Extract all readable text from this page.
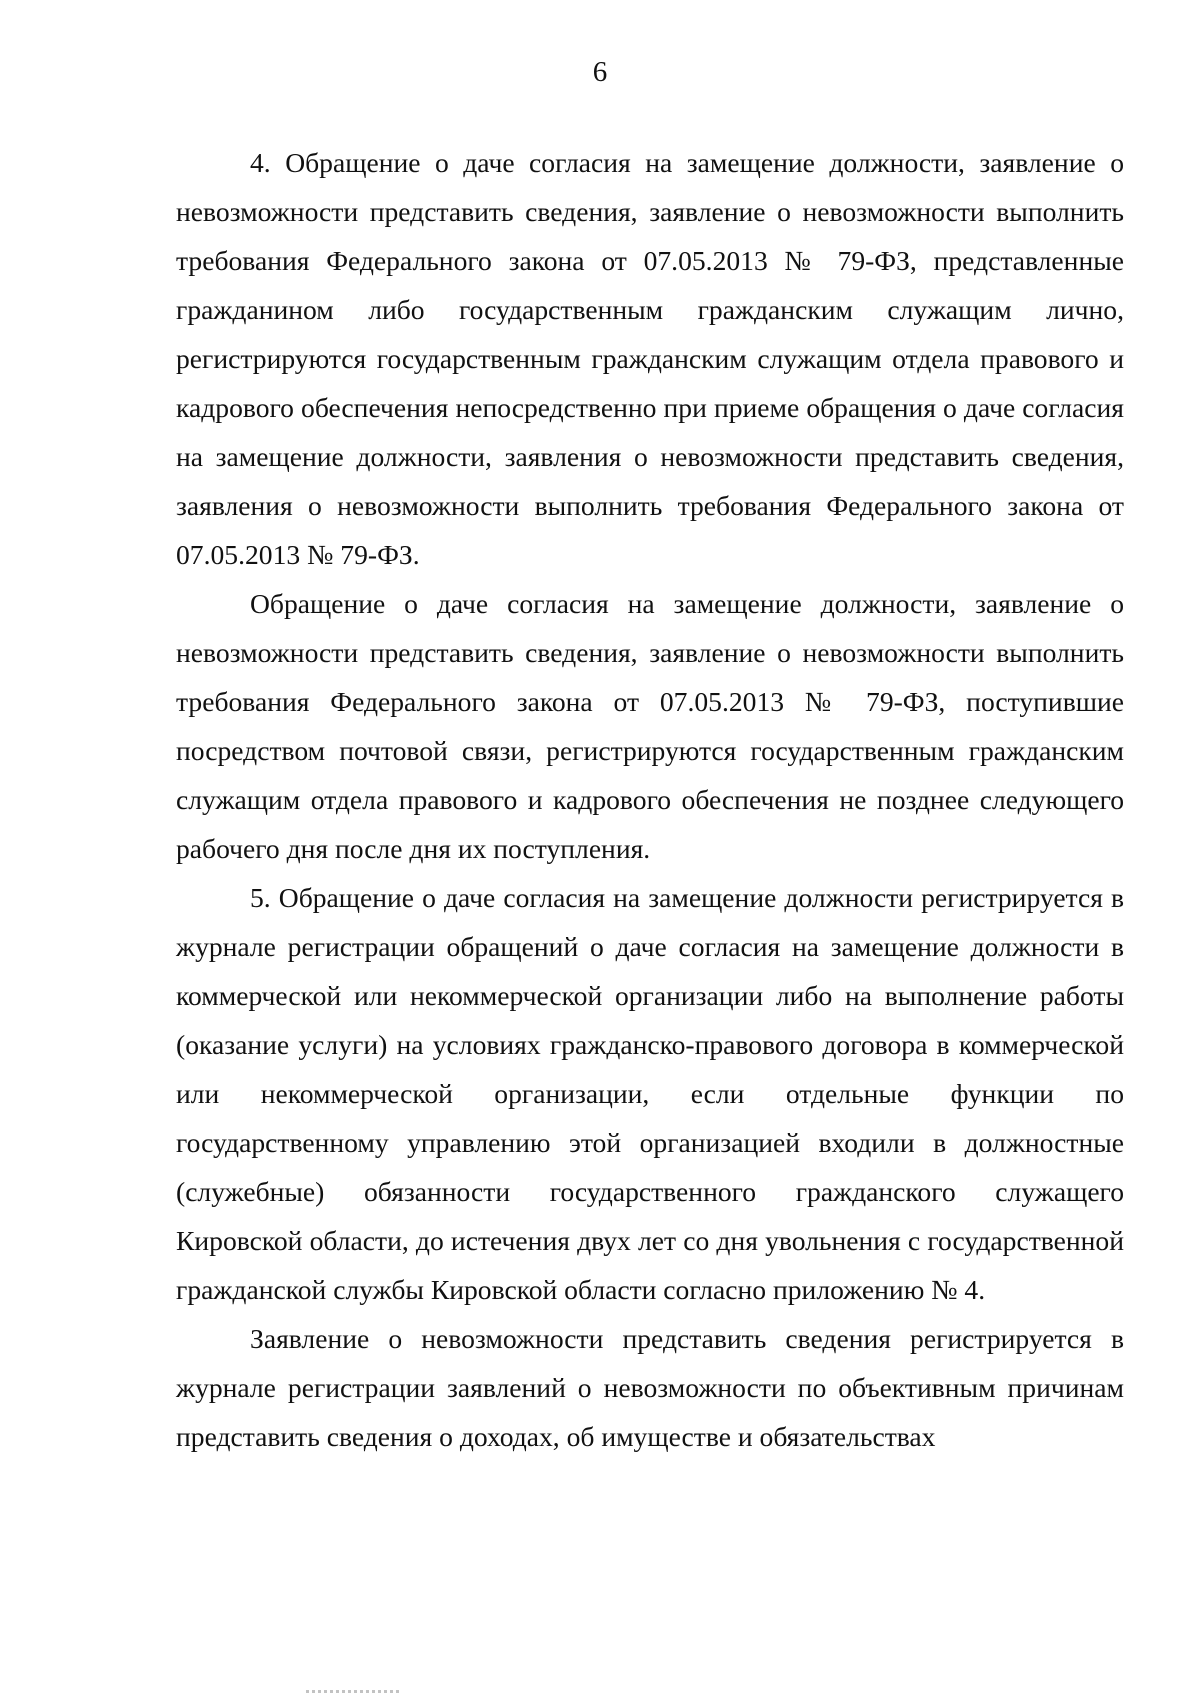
6

4. Обращение о даче согласия на замещение должности, заявление о невозможности представить сведения, заявление о невозможности выполнить требования Федерального закона от 07.05.2013 № 79-ФЗ, представленные гражданином либо государственным гражданским служащим лично, регистрируются государственным гражданским служащим отдела правового и кадрового обеспечения непосредственно при приеме обращения о даче согласия на замещение должности, заявления о невозможности представить сведения, заявления о невозможности выполнить требования Федерального закона от 07.05.2013 № 79-ФЗ.

Обращение о даче согласия на замещение должности, заявление о невозможности представить сведения, заявление о невозможности выполнить требования Федерального закона от 07.05.2013 № 79-ФЗ, поступившие посредством почтовой связи, регистрируются государственным гражданским служащим отдела правового и кадрового обеспечения не позднее следующего рабочего дня после дня их поступления.

5. Обращение о даче согласия на замещение должности регистрируется в журнале регистрации обращений о даче согласия на замещение должности в коммерческой или некоммерческой организации либо на выполнение работы (оказание услуги) на условиях гражданско-правового договора в коммерческой или некоммерческой организации, если отдельные функции по государственному управлению этой организацией входили в должностные (служебные) обязанности государственного гражданского служащего Кировской области, до истечения двух лет со дня увольнения с государственной гражданской службы Кировской области согласно приложению № 4.

Заявление о невозможности представить сведения регистрируется в журнале регистрации заявлений о невозможности по объективным причинам представить сведения о доходах, об имуществе и обязательствах
